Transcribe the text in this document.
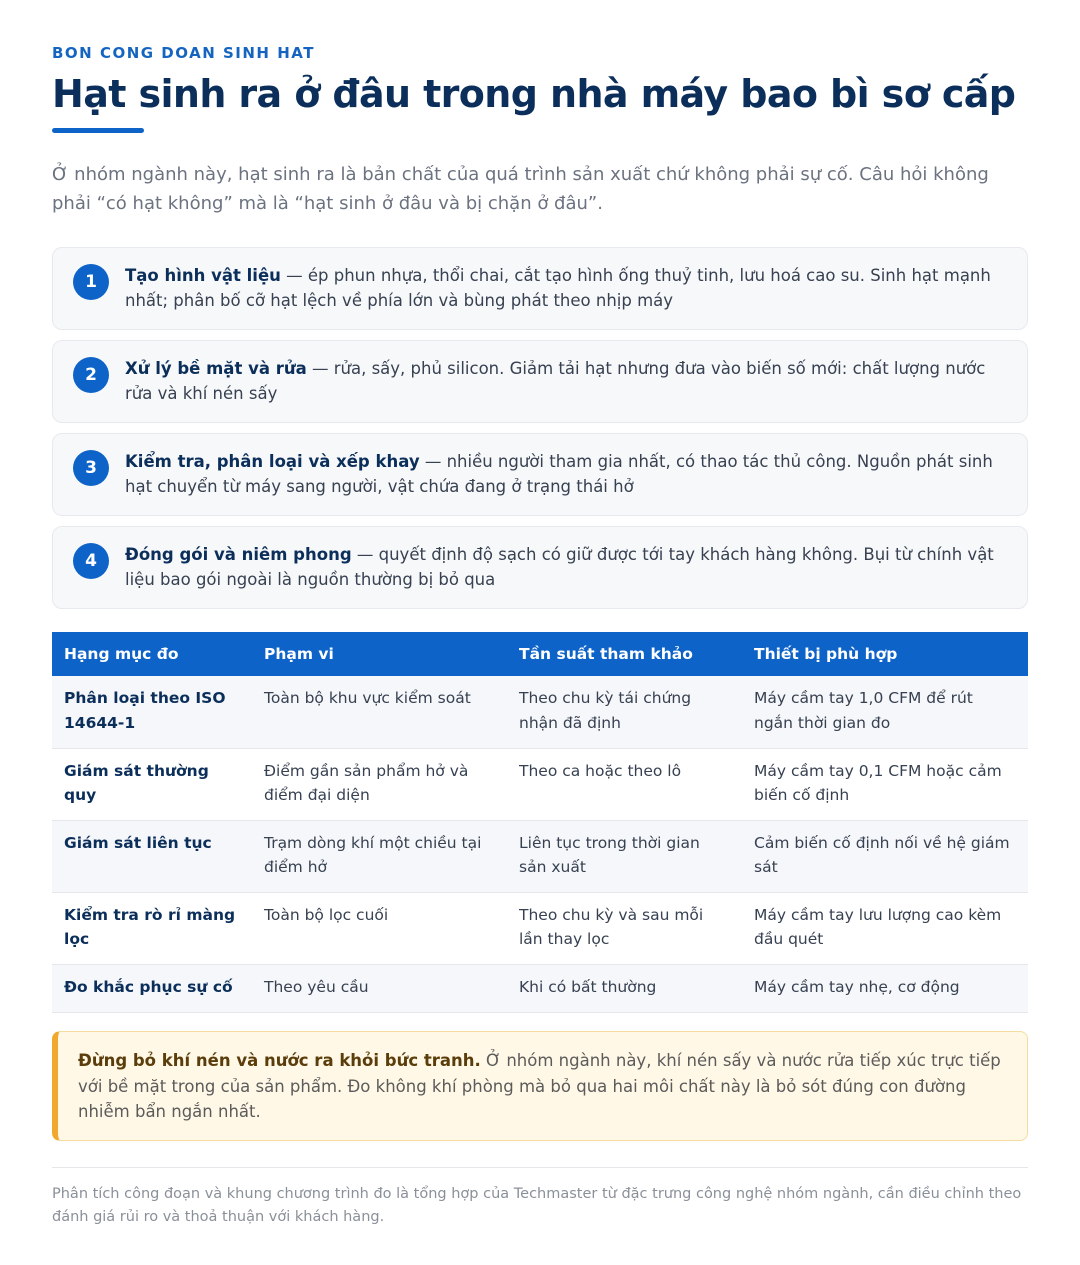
BON CONG DOAN SINH HAT
Hạt sinh ra ở đâu trong nhà máy bao bì sơ cấp

Ở nhóm ngành này, hạt sinh ra là bản chất của quá trình sản xuất chứ không phải sự cố. Câu hỏi không phải “có hạt không” mà là “hạt sinh ở đâu và bị chặn ở đâu”.

1	Tạo hình vật liệu — ép phun nhựa, thổi chai, cắt tạo hình ống thuỷ tinh, lưu hoá cao su. Sinh hạt mạnh nhất; phân bố cỡ hạt lệch về phía lớn và bùng phát theo nhịp máy

2	Xử lý bề mặt và rửa — rửa, sấy, phủ silicon. Giảm tải hạt nhưng đưa vào biến số mới: chất lượng nước rửa và khí nén sấy

3	Kiểm tra, phân loại và xếp khay — nhiều người tham gia nhất, có thao tác thủ công. Nguồn phát sinh hạt chuyển từ máy sang người, vật chứa đang ở trạng thái hở

4	Đóng gói và niêm phong — quyết định độ sạch có giữ được tới tay khách hàng không. Bụi từ chính vật liệu bao gói ngoài là nguồn thường bị bỏ qua

Hạng mục đo	Phạm vi	Tần suất tham khảo	Thiết bị phù hợp
Phân loại theo ISO 14644-1	Toàn bộ khu vực kiểm soát	Theo chu kỳ tái chứng nhận đã định	Máy cầm tay 1,0 CFM để rút ngắn thời gian đo
Giám sát thường quy	Điểm gần sản phẩm hở và điểm đại diện	Theo ca hoặc theo lô	Máy cầm tay 0,1 CFM hoặc cảm biến cố định
Giám sát liên tục	Trạm dòng khí một chiều tại điểm hở	Liên tục trong thời gian sản xuất	Cảm biến cố định nối về hệ giám sát
Kiểm tra rò rỉ màng lọc	Toàn bộ lọc cuối	Theo chu kỳ và sau mỗi lần thay lọc	Máy cầm tay lưu lượng cao kèm đầu quét
Đo khắc phục sự cố	Theo yêu cầu	Khi có bất thường	Máy cầm tay nhẹ, cơ động
Đừng bỏ khí nén và nước ra khỏi bức tranh. Ở nhóm ngành này, khí nén sấy và nước rửa tiếp xúc trực tiếp với bề mặt trong của sản phẩm. Đo không khí phòng mà bỏ qua hai môi chất này là bỏ sót đúng con đường nhiễm bẩn ngắn nhất.

Phân tích công đoạn và khung chương trình đo là tổng hợp của Techmaster từ đặc trưng công nghệ nhóm ngành, cần điều chỉnh theo đánh giá rủi ro và thoả thuận với khách hàng.
